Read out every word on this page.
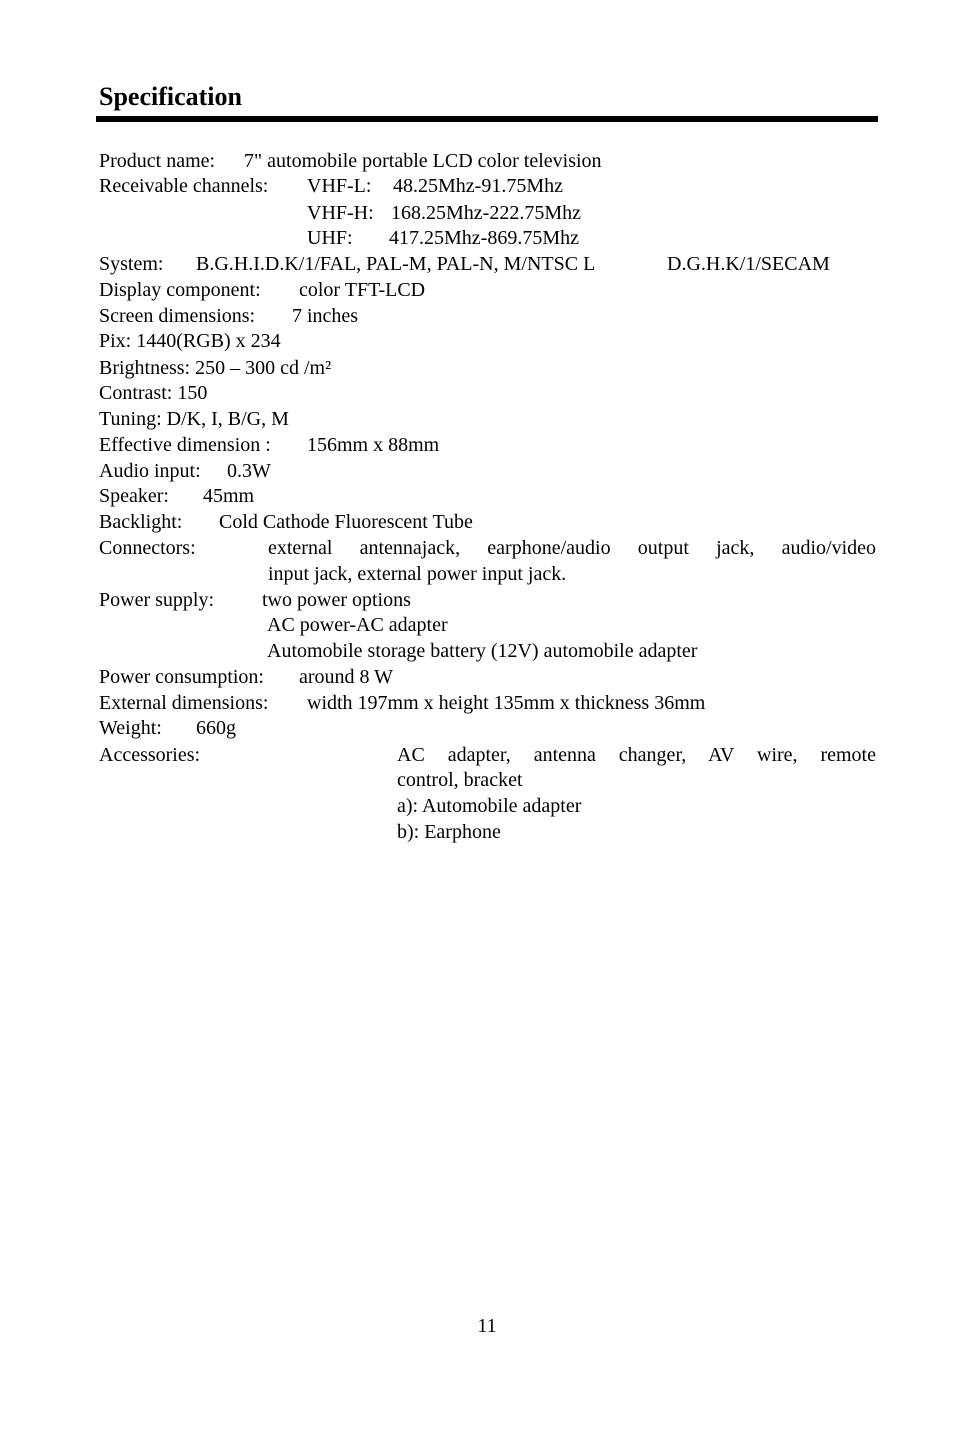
Specification
Product name: 7" automobile portable LCD color television
Receivable channels: VHF-L: 48.25Mhz-91.75Mhz
VHF-H: 168.25Mhz-222.75Mhz
UHF: 417.25Mhz-869.75Mhz
System: B.G.H.I.D.K/1/FAL, PAL-M, PAL-N, M/NTSC L	D.G.H.K/1/SECAM
Display component: color TFT-LCD
Screen dimensions: 7 inches
Pix: 1440(RGB) x 234
Brightness: 250 – 300 cd /m²
Contrast: 150
Tuning: D/K, I, B/G, M
Effective dimension : 156mm x 88mm
Audio input: 0.3W
Speaker: 45mm
Backlight: Cold Cathode Fluorescent Tube
Connectors:	external antennajack, earphone/audio output jack, audio/video
input jack, external power input jack.
Power supply: two power options
AC power-AC adapter
Automobile storage battery (12V) automobile adapter
Power consumption: around 8 W
External dimensions: width 197mm x height 135mm x thickness 36mm
Weight: 660g
Accessories:	AC adapter, antenna changer, AV wire, remote
control, bracket
a): Automobile adapter
b): Earphone
11
